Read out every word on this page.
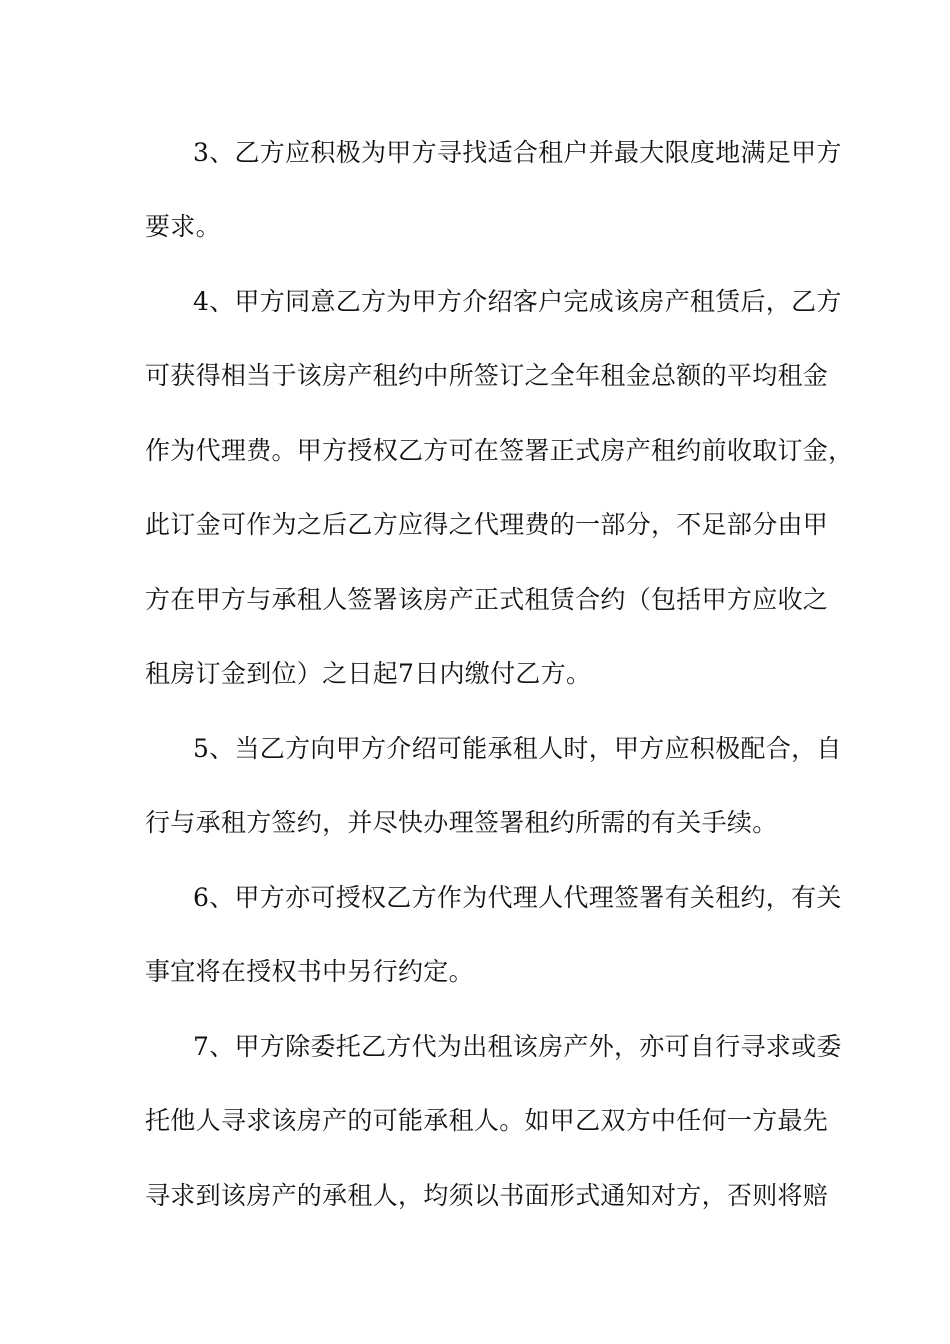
3、乙方应积极为甲方寻找适合租户并最大限度地满足甲方
要求。
4、甲方同意乙方为甲方介绍客户完成该房产租赁后，乙方
可获得相当于该房产租约中所签订之全年租金总额的平均租金
作为代理费。甲方授权乙方可在签署正式房产租约前收取订金，
此订金可作为之后乙方应得之代理费的一部分，不足部分由甲
方在甲方与承租人签署该房产正式租赁合约（包括甲方应收之
租房订金到位）之日起7日内缴付乙方。
5、当乙方向甲方介绍可能承租人时，甲方应积极配合，自
行与承租方签约，并尽快办理签署租约所需的有关手续。
6、甲方亦可授权乙方作为代理人代理签署有关租约，有关
事宜将在授权书中另行约定。
7、甲方除委托乙方代为出租该房产外，亦可自行寻求或委
托他人寻求该房产的可能承租人。如甲乙双方中任何一方最先
寻求到该房产的承租人，均须以书面形式通知对方，否则将赔
